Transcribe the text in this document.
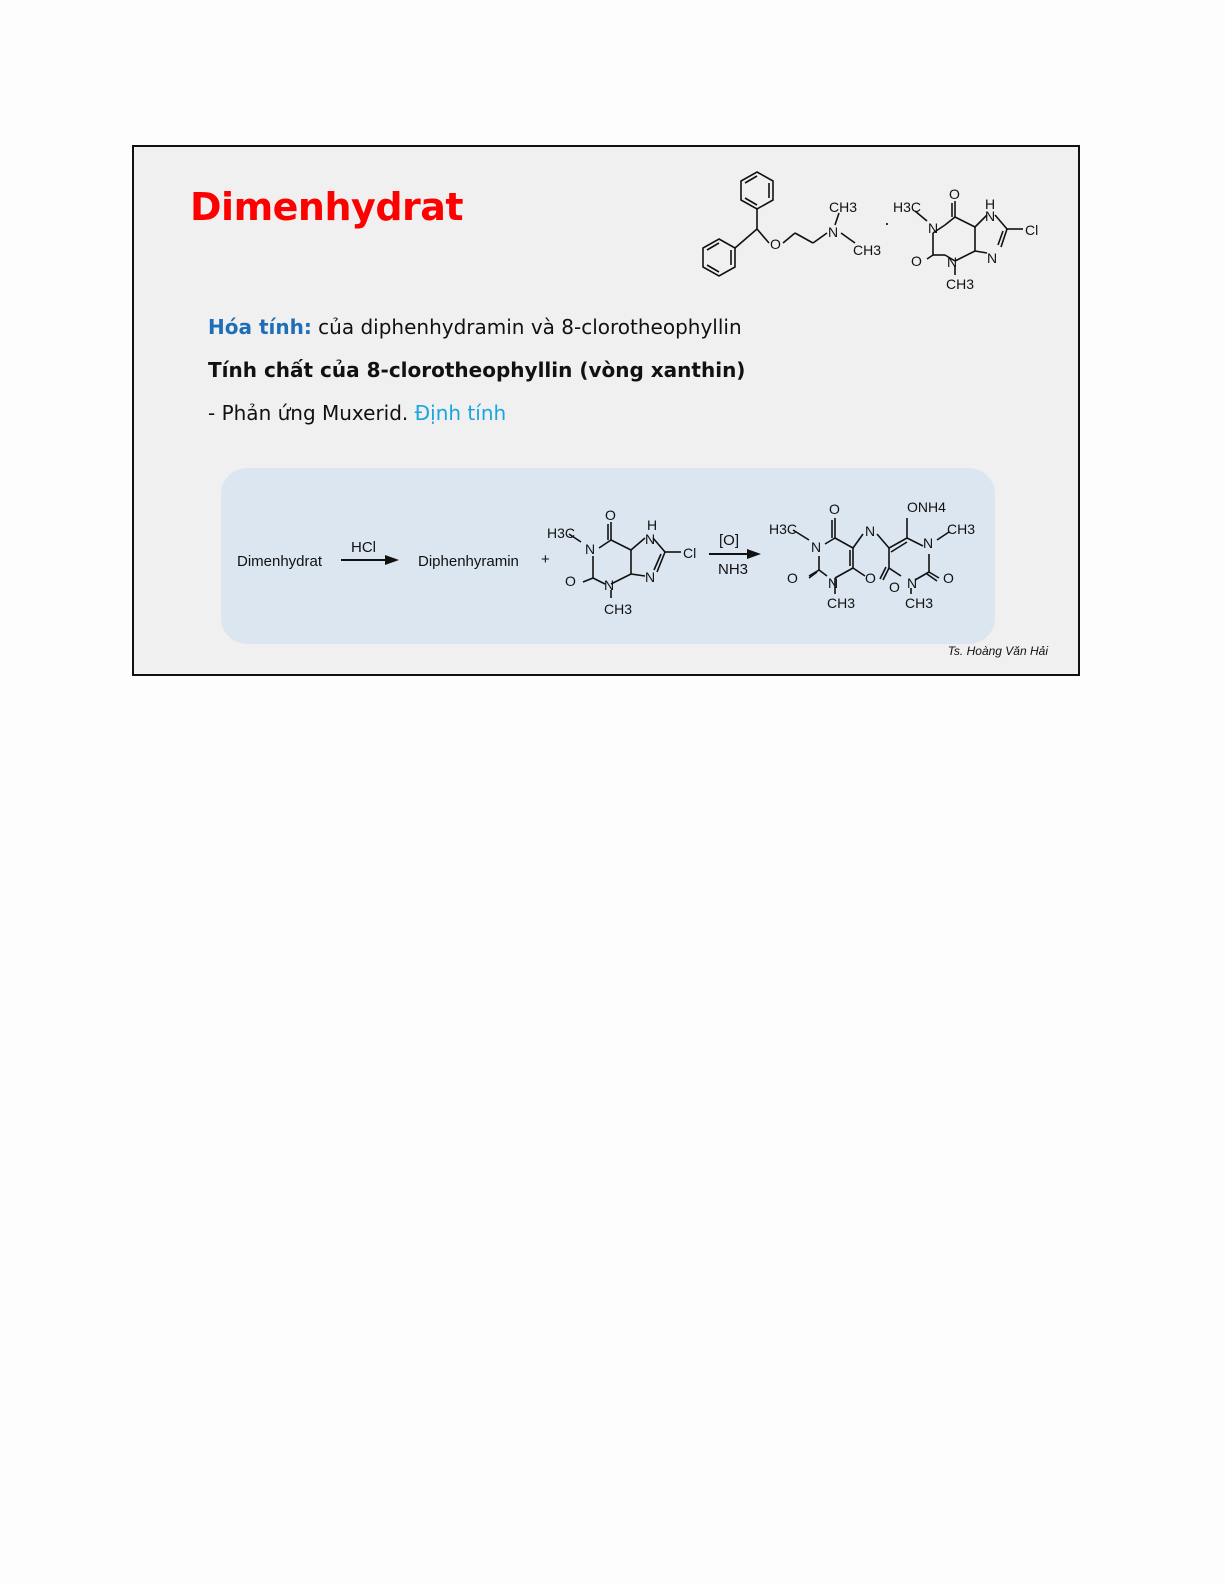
Dimenhydrat
O
N
CH3
CH3
·
H3C
N
O
O N
CH3
H
N
N
Cl
Hóa tính: của diphenhydramin và 8-clorotheophyllin
Tính chất của 8-clorotheophyllin (vòng xanthin)
- Phản ứng Muxerid. Định tính
Dimenhydrat
HCl
Diphenhyramin +
[O]
NH3
H3C
N
O
O N
CH3
H
N
N
Cl
H3C
N
O
O N O
CH3
N
ONH4
N
CH3
O N O
CH3
Ts. Hoàng Văn Hải
